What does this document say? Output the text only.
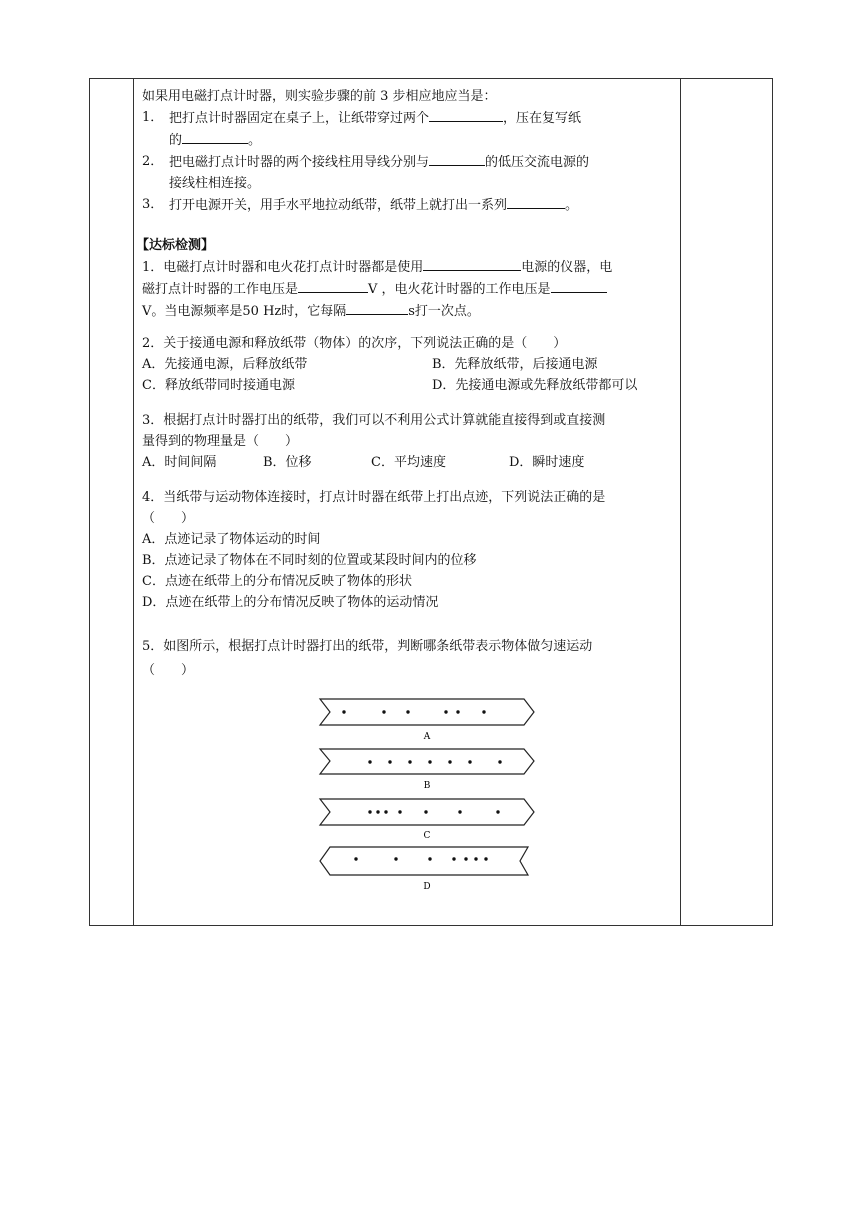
如果用电磁打点计时器，则实验步骤的前 3 步相应地应当是：
1． 把打点计时器固定在桌子上，让纸带穿过两个	，压在复写纸
的	。
2． 把电磁打点计时器的两个接线柱用导线分别与	的低压交流电源的
接线柱相连接。
3． 打开电源开关，用手水平地拉动纸带，纸带上就打出一系列	。
【达标检测】
1．电磁打点计时器和电火花打点计时器都是使用	电源的仪器，电
磁打点计时器的工作电压是	V ，电火花计时器的工作电压是
V。当电源频率是50 Hz时，它每隔	s打一次点。
2．关于接通电源和释放纸带（物体）的次序，下列说法正确的是（　　）
A．先接通电源，后释放纸带	B．先释放纸带，后接通电源
C．释放纸带同时接通电源	D．先接通电源或先释放纸带都可以
3．根据打点计时器打出的纸带，我们可以不利用公式计算就能直接得到或直接测
量得到的物理量是（　　）
A．时间间隔	B．位移	C．平均速度	D．瞬时速度
4．当纸带与运动物体连接时，打点计时器在纸带上打出点迹，下列说法正确的是
（　　）
A．点迹记录了物体运动的时间
B．点迹记录了物体在不同时刻的位置或某段时间内的位移
C．点迹在纸带上的分布情况反映了物体的形状
D．点迹在纸带上的分布情况反映了物体的运动情况
5．如图所示，根据打点计时器打出的纸带，判断哪条纸带表示物体做匀速运动
（　　）
A
B
C
D
